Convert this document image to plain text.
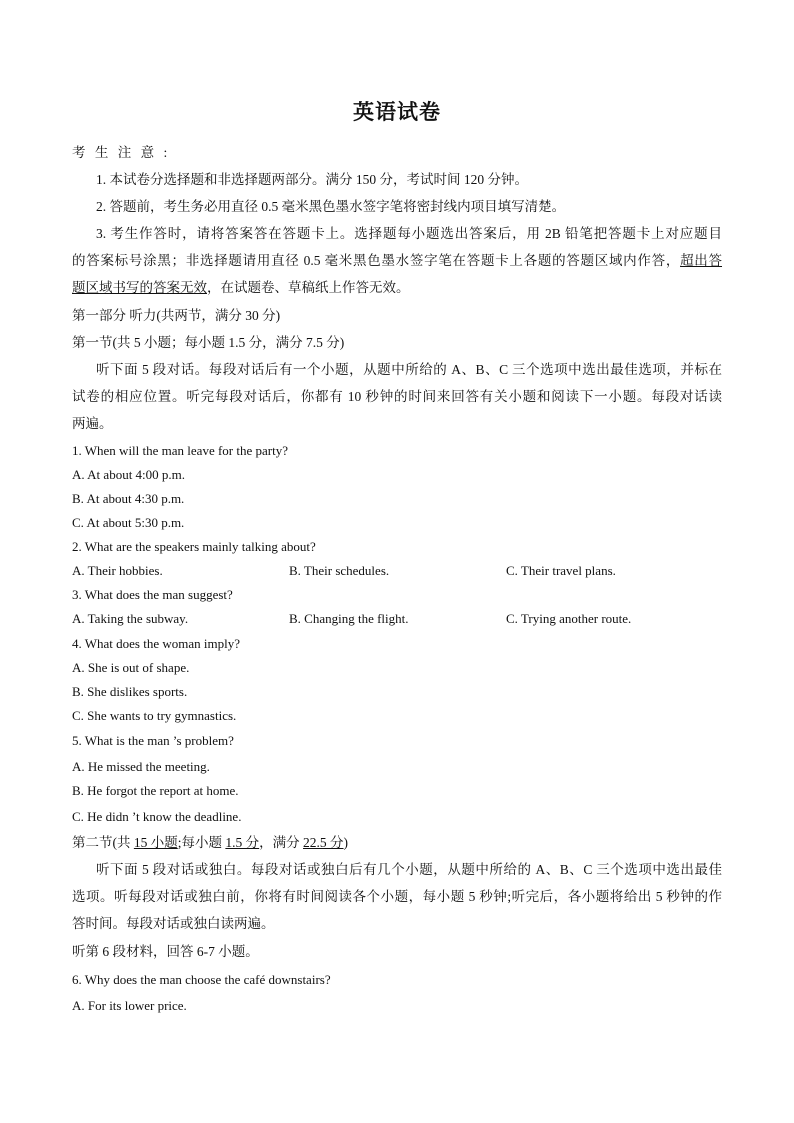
英语试卷
考 生 注 意 :
1. 本试卷分选择题和非选择题两部分。满分 150 分，考试时间 120 分钟。
2. 答题前，考生务必用直径 0.5 毫米黑色墨水签字笔将密封线内项目填写清楚。
3. 考生作答时，请将答案答在答题卡上。选择题每小题选出答案后，用 2B 铅笔把答题卡上对应题目
的答案标号涂黑；非选择题请用直径 0.5 毫米黑色墨水签字笔在答题卡上各题的答题区域内作答，超出答
题区域书写的答案无效，在试题卷、草稿纸上作答无效。
第一部分 听力(共两节，满分 30 分)
第一节(共 5 小题；每小题 1.5 分，满分 7.5 分)
听下面 5 段对话。每段对话后有一个小题，从题中所给的 A、B、C 三个选项中选出最佳选项，并标在
试卷的相应位置。听完每段对话后，你都有 10 秒钟的时间来回答有关小题和阅读下一小题。每段对话读
两遍。
1. When will the man leave for the party?
A. At about 4:00 p.m.
B. At about 4:30 p.m.
C. At about 5:30 p.m.
2. What are the speakers mainly talking about?
A. Their hobbies.	B. Their schedules.	C. Their travel plans.
3. What does the man suggest?
A. Taking the subway.	B. Changing the flight.	C. Trying another route.
4. What does the woman imply?
A. She is out of shape.
B. She dislikes sports.
C. She wants to try gymnastics.
5. What is the man ’s problem?
A. He missed the meeting.
B. He forgot the report at home.
C. He didn ’t know the deadline.
第二节(共 15 小题;每小题 1.5 分，满分 22.5 分)
听下面 5 段对话或独白。每段对话或独白后有几个小题，从题中所给的 A、B、C 三个选项中选出最佳
选项。听每段对话或独白前，你将有时间阅读各个小题，每小题 5 秒钟;听完后，各小题将给出 5 秒钟的作
答时间。每段对话或独白读两遍。
听第 6 段材料，回答 6-7 小题。
6. Why does the man choose the café downstairs?
A. For its lower price.
